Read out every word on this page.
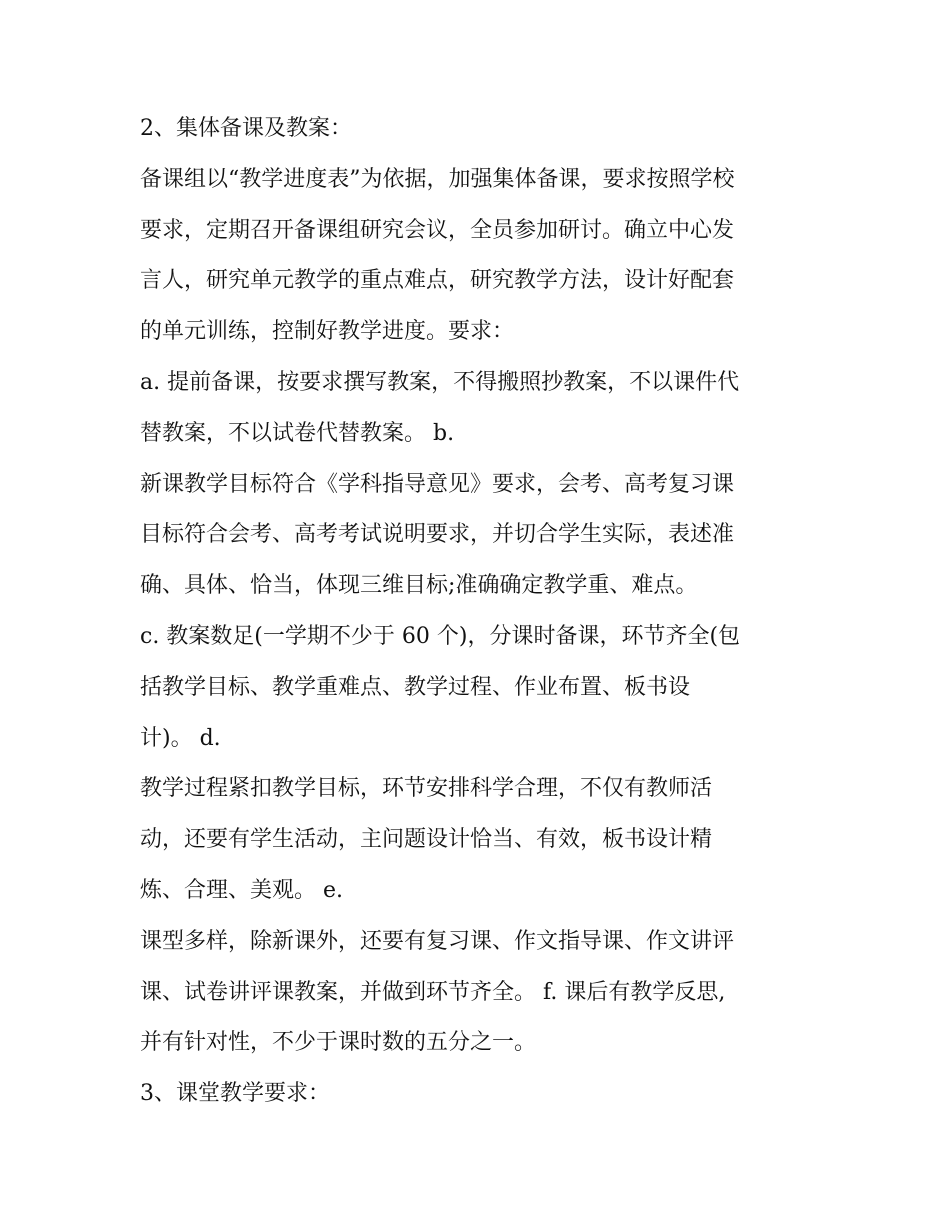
2、集体备课及教案：
备课组以“教学进度表”为依据，加强集体备课，要求按照学校
要求，定期召开备课组研究会议，全员参加研讨。确立中心发
言人，研究单元教学的重点难点，研究教学方法，设计好配套
的单元训练，控制好教学进度。要求：
a. 提前备课，按要求撰写教案，不得搬照抄教案，不以课件代
替教案，不以试卷代替教案。 b.
新课教学目标符合《学科指导意见》要求，会考、高考复习课
目标符合会考、高考考试说明要求，并切合学生实际，表述准
确、具体、恰当，体现三维目标;准确确定教学重、难点。
c. 教案数足(一学期不少于 60 个)，分课时备课，环节齐全(包
括教学目标、教学重难点、教学过程、作业布置、板书设
计)。 d.
教学过程紧扣教学目标，环节安排科学合理，不仅有教师活
动，还要有学生活动，主问题设计恰当、有效，板书设计精
炼、合理、美观。 e.
课型多样，除新课外，还要有复习课、作文指导课、作文讲评
课、试卷讲评课教案，并做到环节齐全。 f. 课后有教学反思,
并有针对性，不少于课时数的五分之一。
3、课堂教学要求：
